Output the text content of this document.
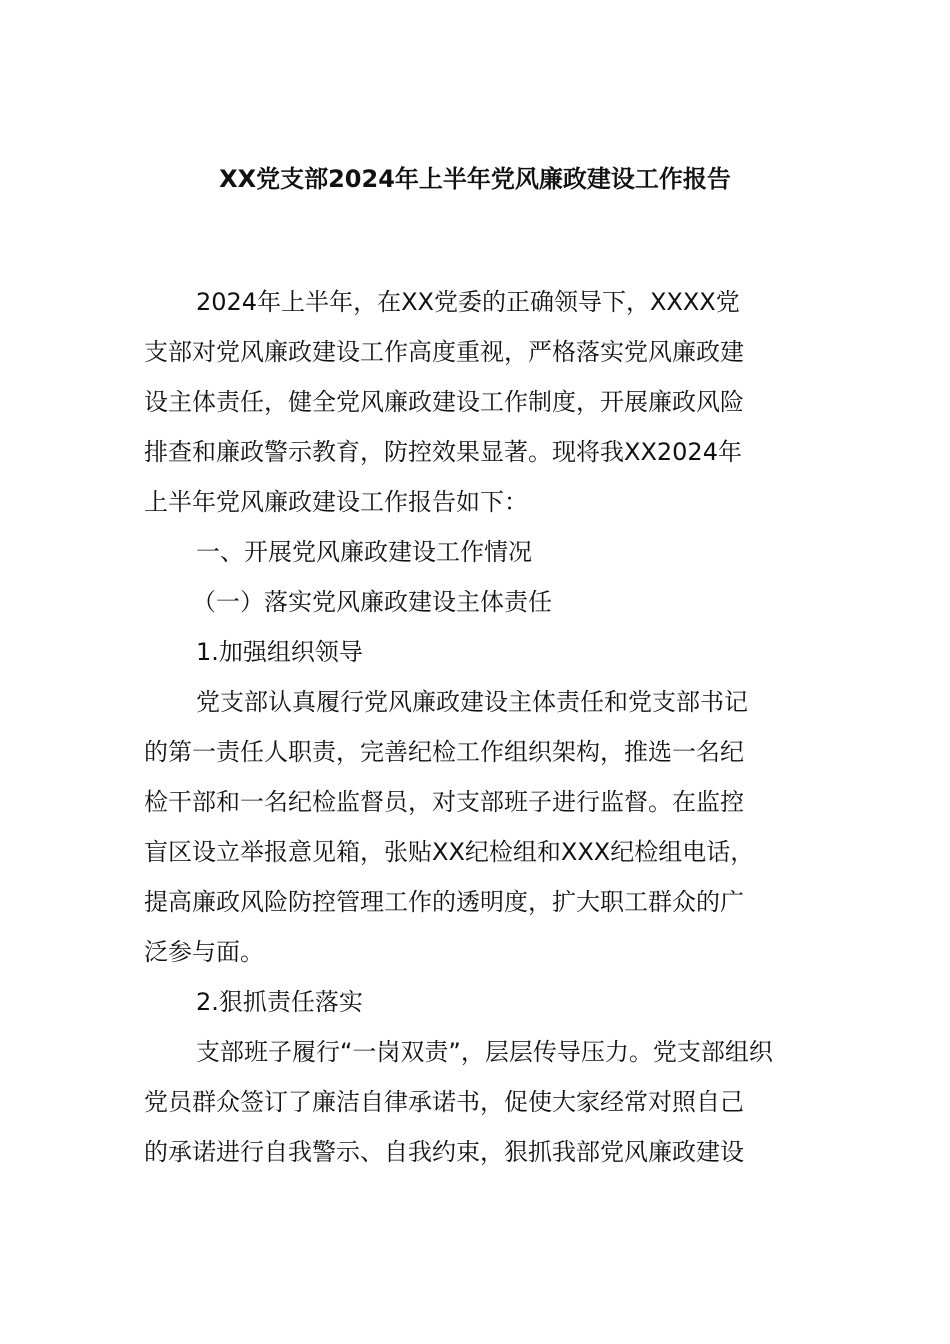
XX党支部2024年上半年党风廉政建设工作报告
2024年上半年，在XX党委的正确领导下，XXXX党
支部对党风廉政建设工作高度重视，严格落实党风廉政建
设主体责任，健全党风廉政建设工作制度，开展廉政风险
排查和廉政警示教育，防控效果显著。现将我XX2024年
上半年党风廉政建设工作报告如下：
一、开展党风廉政建设工作情况
（一）落实党风廉政建设主体责任
1.加强组织领导
党支部认真履行党风廉政建设主体责任和党支部书记
的第一责任人职责，完善纪检工作组织架构，推选一名纪
检干部和一名纪检监督员，对支部班子进行监督。在监控
盲区设立举报意见箱，张贴XX纪检组和XXX纪检组电话，
提高廉政风险防控管理工作的透明度，扩大职工群众的广
泛参与面。
2.狠抓责任落实
支部班子履行“一岗双责”，层层传导压力。党支部组织
党员群众签订了廉洁自律承诺书，促使大家经常对照自己
的承诺进行自我警示、自我约束，狠抓我部党风廉政建设
